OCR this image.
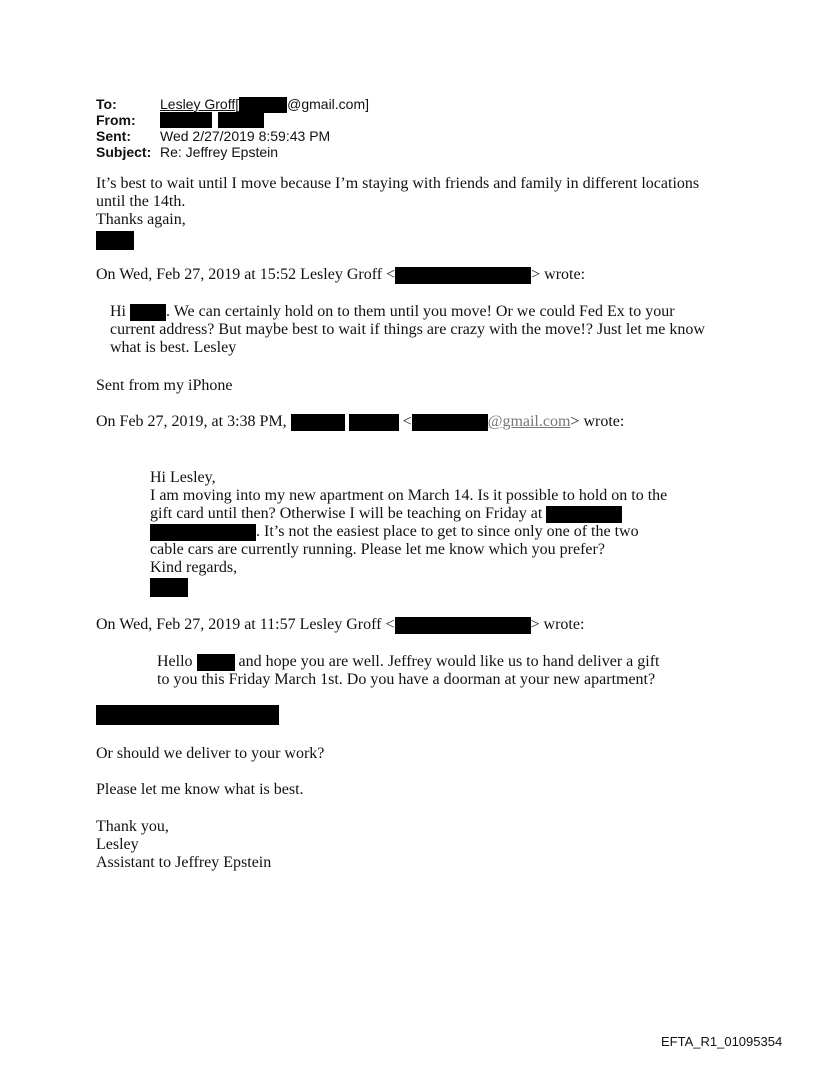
To:	Lesley Groff[	@gmail.com]
From:

Sent: Wed 2/27/2019 8:59:43 PM
Subject: Re: Jeffrey Epstein
It’s best to wait until I move because I’m staying with friends and family in different locations
until the 14th.
Thanks again,
On Wed, Feb 27, 2019 at 15:52 Lesley Groff <	> wrote:
Hi	. We can certainly hold on to them until you move! Or we could Fed Ex to your
current address? But maybe best to wait if things are crazy with the move!? Just let me know
what is best. Lesley
Sent from my iPhone
On Feb 27, 2019, at 3:38 PM,	<	@gmail.com> wrote:
Hi Lesley,
I am moving into my new apartment on March 14. Is it possible to hold on to the
gift card until then? Otherwise I will be teaching on Friday at
. It’s not the easiest place to get to since only one of the two
cable cars are currently running. Please let me know which you prefer?
Kind regards,
On Wed, Feb 27, 2019 at 11:57 Lesley Groff <	> wrote:
Hello	and hope you are well. Jeffrey would like us to hand deliver a gift
to you this Friday March 1st. Do you have a doorman at your new apartment?
Or should we deliver to your work?
Please let me know what is best.
Thank you,
Lesley
Assistant to Jeffrey Epstein
EFTA_R1_01095354
